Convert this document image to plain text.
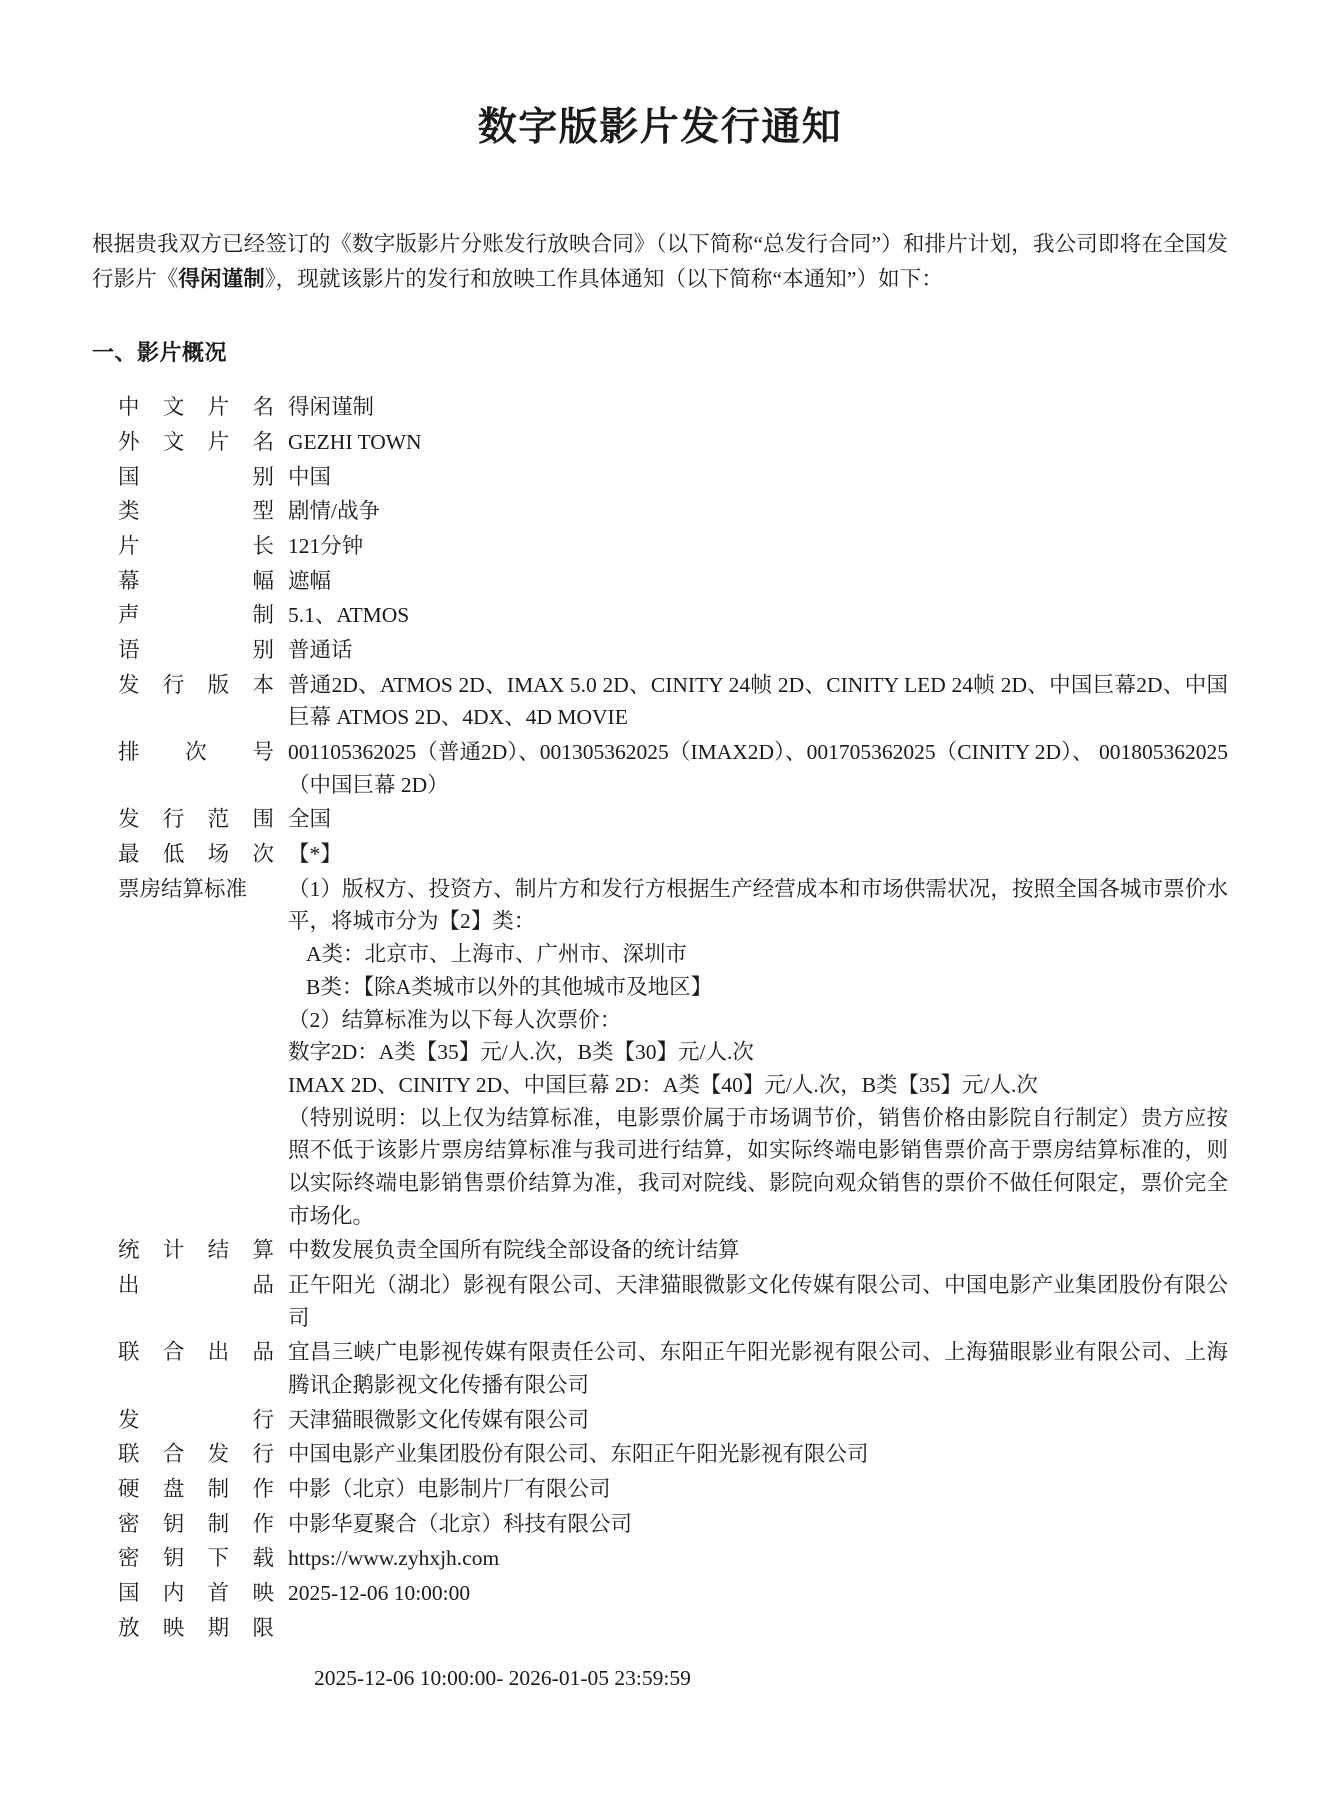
数字版影片发行通知

根据贵我双方已经签订的《数字版影片分账发行放映合同》（以下简称“总发行合同”）和排片计划，我公司即将在全国发行影片《得闲谨制》，现就该影片的发行和放映工作具体通知（以下简称“本通知”）如下：

一、影片概况
中文片名 得闲谨制
外文片名 GEZHI TOWN
国别 中国
类型 剧情/战争
片长 121分钟
幕幅 遮幅
声制 5.1、ATMOS
语别 普通话
发行版本 普通2D、ATMOS 2D、IMAX 5.0 2D、CINITY 24帧 2D、CINITY LED 24帧 2D、中国巨幕2D、中国巨幕 ATMOS 2D、4DX、4D MOVIE
排次号 001105362025（普通2D）、001305362025（IMAX2D）、001705362025（CINITY 2D）、 001805362025（中国巨幕 2D）
发行范围 全国
最低场次 【*】
票房结算标准	（1）版权方、投资方、制片方和发行方根据生产经营成本和市场供需状况，按照全国各城市票价水平，将城市分为【2】类：
A类：北京市、上海市、广州市、深圳市
B类：【除A类城市以外的其他城市及地区】
（2）结算标准为以下每人次票价：
数字2D：A类【35】元/人.次，B类【30】元/人.次
IMAX 2D、CINITY 2D、中国巨幕 2D：A类【40】元/人.次，B类【35】元/人.次
（特别说明：以上仅为结算标准，电影票价属于市场调节价，销售价格由影院自行制定）贵方应按照不低于该影片票房结算标准与我司进行结算，如实际终端电影销售票价高于票房结算标准的，则以实际终端电影销售票价结算为准，我司对院线、影院向观众销售的票价不做任何限定，票价完全市场化。
统计结算 中数发展负责全国所有院线全部设备的统计结算
出品 正午阳光（湖北）影视有限公司、天津猫眼微影文化传媒有限公司、中国电影产业集团股份有限公司
联合出品 宜昌三峡广电影视传媒有限责任公司、东阳正午阳光影视有限公司、上海猫眼影业有限公司、上海腾讯企鹅影视文化传播有限公司
发行 天津猫眼微影文化传媒有限公司
联合发行 中国电影产业集团股份有限公司、东阳正午阳光影视有限公司
硬盘制作 中影（北京）电影制片厂有限公司
密钥制作 中影华夏聚合（北京）科技有限公司
密钥下载 https://www.zyhxjh.com
国内首映 2025-12-06 10:00:00
放映期限
2025-12-06 10:00:00- 2026-01-05 23:59:59
